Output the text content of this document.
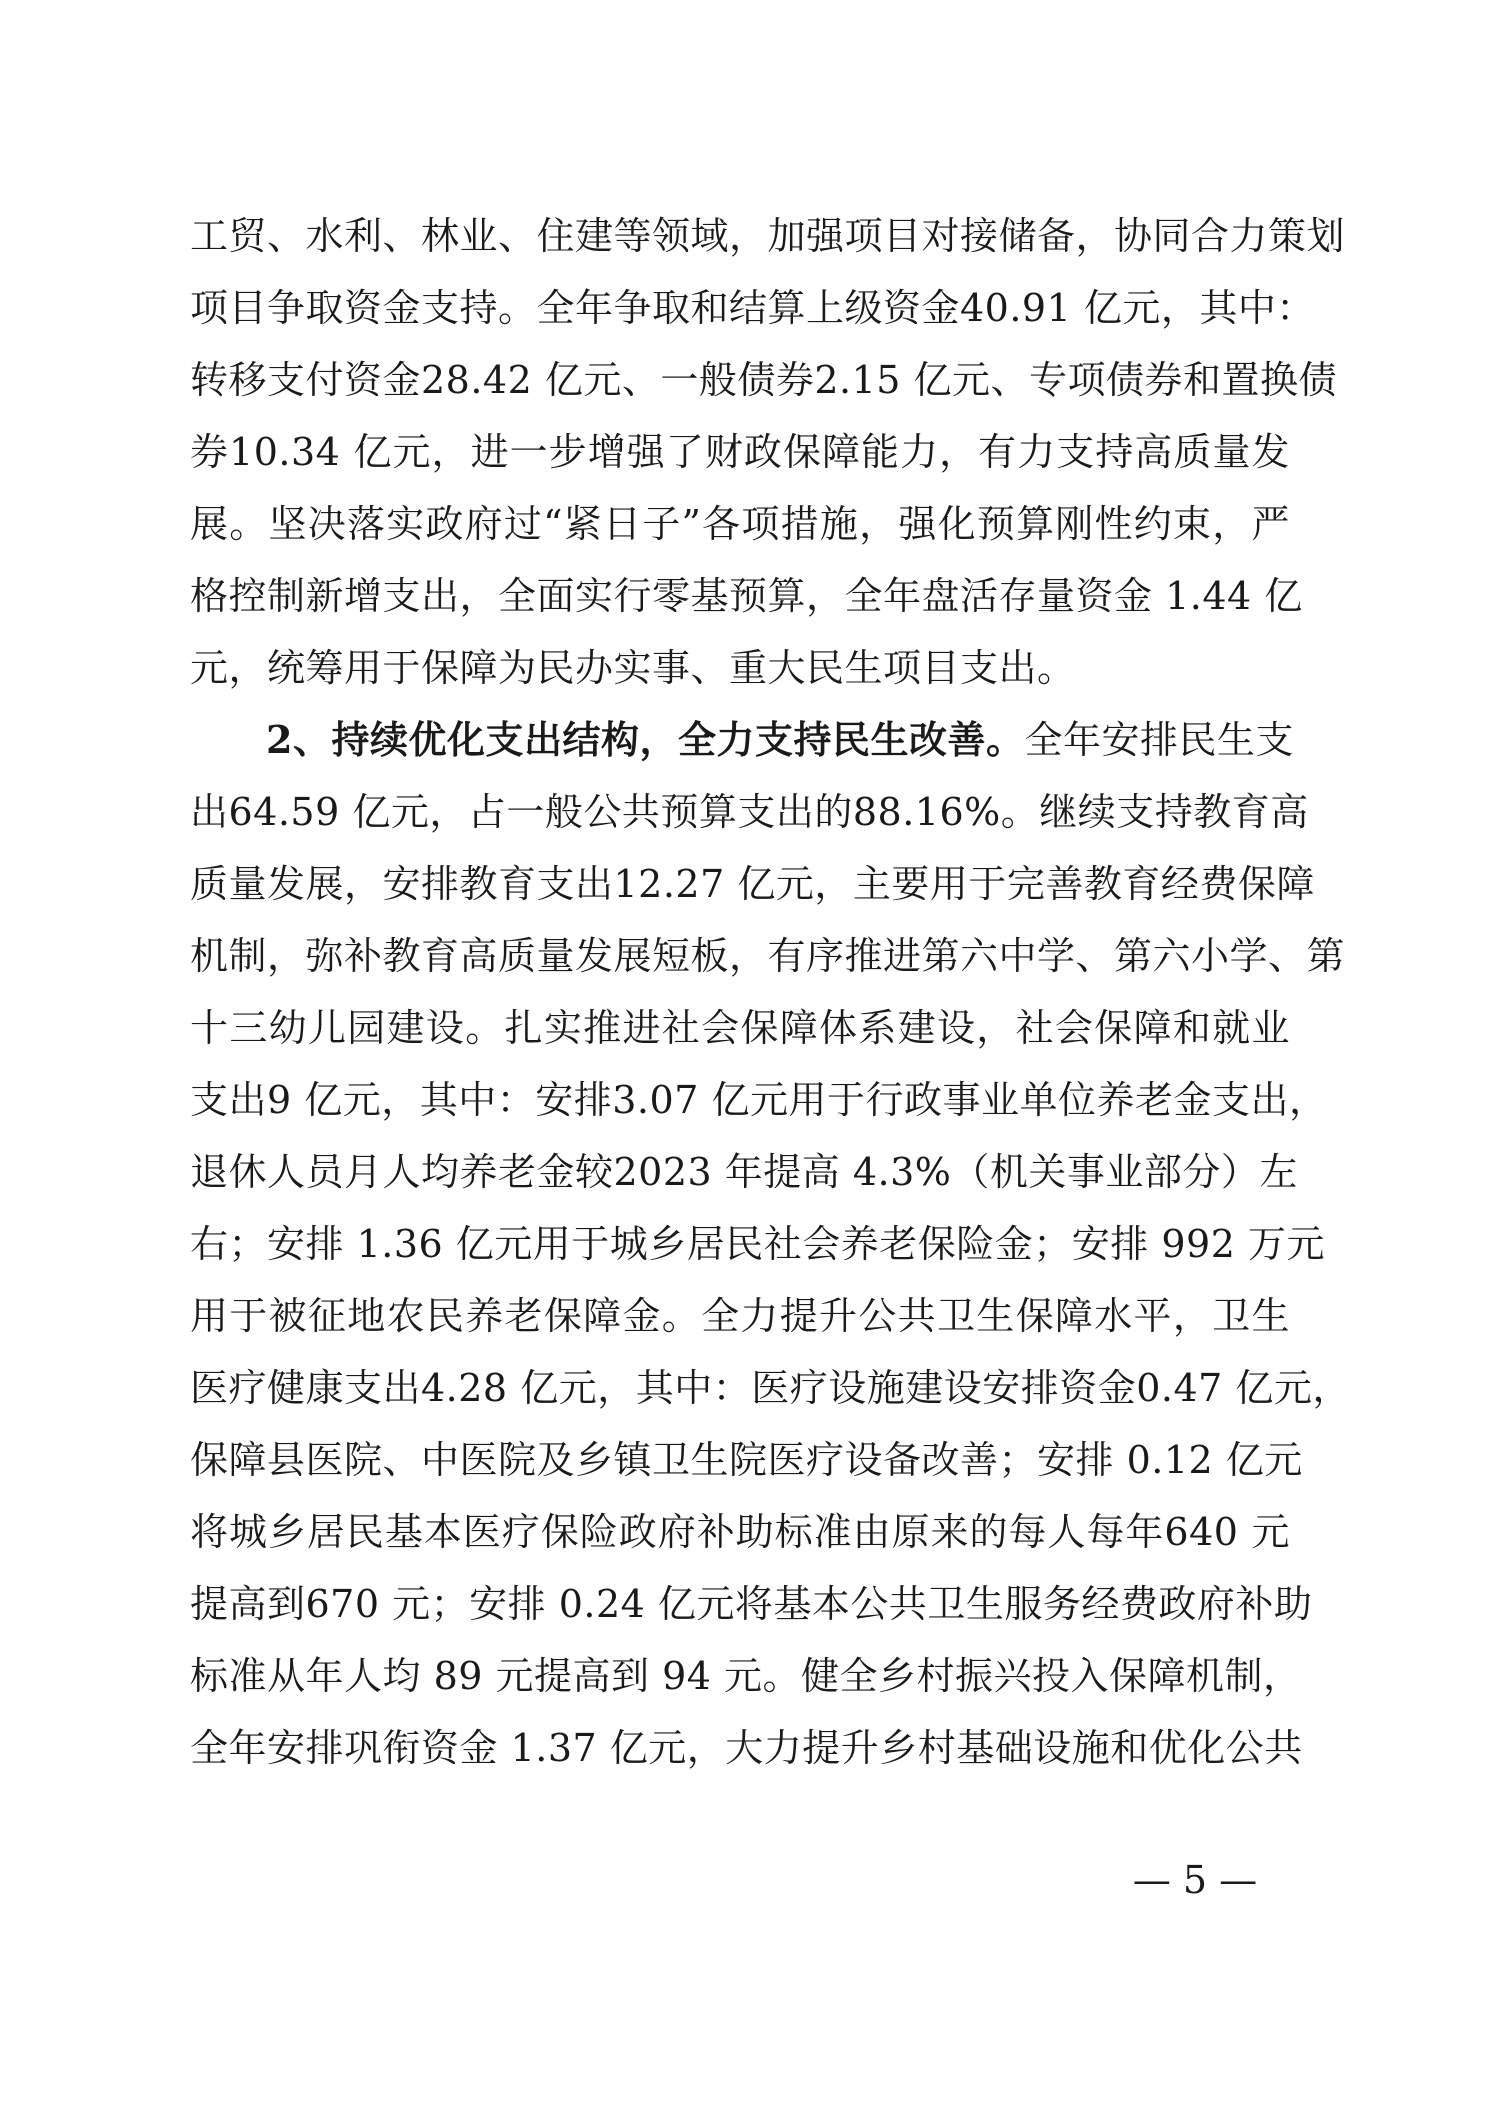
工贸、水利、林业、住建等领域，加强项目对接储备，协同合力策划
项目争取资金支持。全年争取和结算上级资金40.91 亿元，其中：
转移支付资金28.42 亿元、一般债券2.15 亿元、专项债券和置换债
券10.34 亿元，进一步增强了财政保障能力，有力支持高质量发
展。坚决落实政府过“紧日子”各项措施，强化预算刚性约束，严
格控制新增支出，全面实行零基预算，全年盘活存量资金 1.44 亿
元，统筹用于保障为民办实事、重大民生项目支出。
2、持续优化支出结构，全力支持民生改善。全年安排民生支
出64.59 亿元，占一般公共预算支出的88.16%。继续支持教育高
质量发展，安排教育支出12.27 亿元，主要用于完善教育经费保障
机制，弥补教育高质量发展短板，有序推进第六中学、第六小学、第
十三幼儿园建设。扎实推进社会保障体系建设，社会保障和就业
支出9 亿元，其中：安排3.07 亿元用于行政事业单位养老金支出，
退休人员月人均养老金较2023 年提高 4.3%（机关事业部分）左
右；安排 1.36 亿元用于城乡居民社会养老保险金；安排 992 万元
用于被征地农民养老保障金。全力提升公共卫生保障水平，卫生
医疗健康支出4.28 亿元，其中：医疗设施建设安排资金0.47 亿元，
保障县医院、中医院及乡镇卫生院医疗设备改善；安排 0.12 亿元
将城乡居民基本医疗保险政府补助标准由原来的每人每年640 元
提高到670 元；安排 0.24 亿元将基本公共卫生服务经费政府补助
标准从年人均 89 元提高到 94 元。健全乡村振兴投入保障机制，
全年安排巩衔资金 1.37 亿元，大力提升乡村基础设施和优化公共
— 5 —
